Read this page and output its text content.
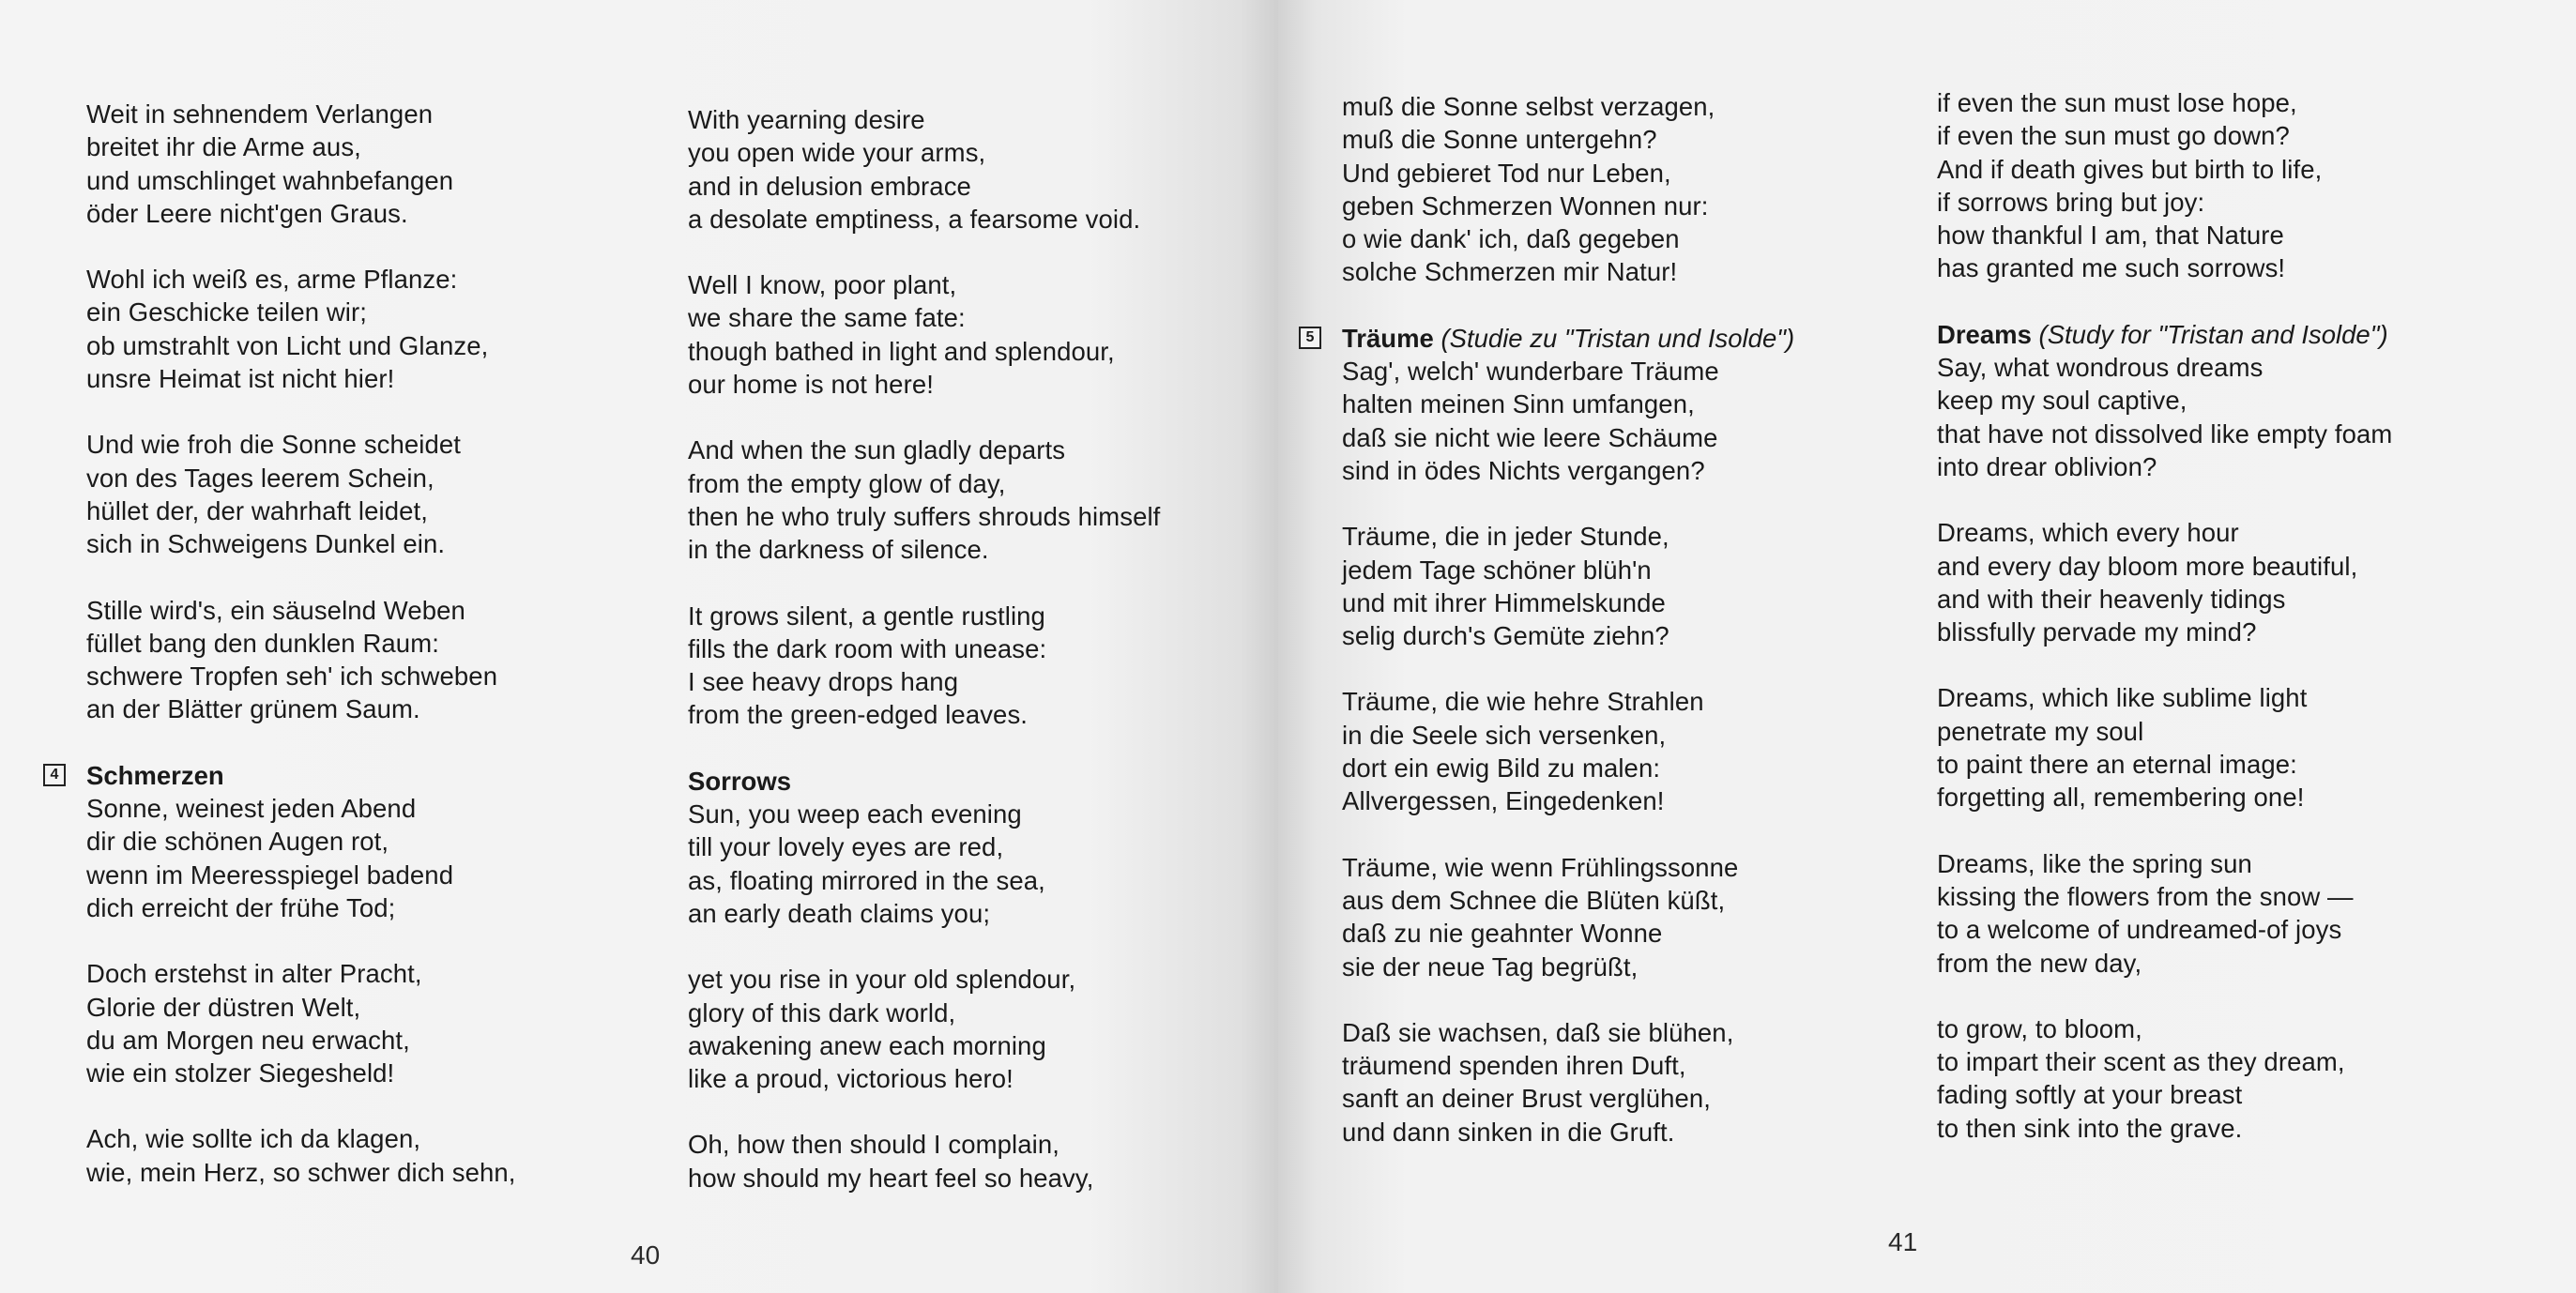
Weit in sehnendem Verlangen
breitet ihr die Arme aus,
und umschlinget wahnbefangen
öder Leere nicht'gen Graus.
Wohl ich weiß es, arme Pflanze:
ein Geschicke teilen wir;
ob umstrahlt von Licht und Glanze,
unsre Heimat ist nicht hier!
Und wie froh die Sonne scheidet
von des Tages leerem Schein,
hüllet der, der wahrhaft leidet,
sich in Schweigens Dunkel ein.
Stille wird's, ein säuselnd Weben
füllet bang den dunklen Raum:
schwere Tropfen seh' ich schweben
an der Blätter grünem Saum.
4 Schmerzen
Sonne, weinest jeden Abend
dir die schönen Augen rot,
wenn im Meeresspiegel badend
dich erreicht der frühe Tod;
Doch erstehst in alter Pracht,
Glorie der düstren Welt,
du am Morgen neu erwacht,
wie ein stolzer Siegesheld!
Ach, wie sollte ich da klagen,
wie, mein Herz, so schwer dich sehn,
With yearning desire
you open wide your arms,
and in delusion embrace
a desolate emptiness, a fearsome void.
Well I know, poor plant,
we share the same fate:
though bathed in light and splendour,
our home is not here!
And when the sun gladly departs
from the empty glow of day,
then he who truly suffers shrouds himself
in the darkness of silence.
It grows silent, a gentle rustling
fills the dark room with unease:
I see heavy drops hang
from the green-edged leaves.
Sorrows
Sun, you weep each evening
till your lovely eyes are red,
as, floating mirrored in the sea,
an early death claims you;
yet you rise in your old splendour,
glory of this dark world,
awakening anew each morning
like a proud, victorious hero!
Oh, how then should I complain,
how should my heart feel so heavy,
40
muß die Sonne selbst verzagen,
muß die Sonne untergehn?
Und gebieret Tod nur Leben,
geben Schmerzen Wonnen nur:
o wie dank' ich, daß gegeben
solche Schmerzen mir Natur!
5 Träume (Studie zu "Tristan und Isolde")
Sag', welch' wunderbare Träume
halten meinen Sinn umfangen,
daß sie nicht wie leere Schäume
sind in ödes Nichts vergangen?
Träume, die in jeder Stunde,
jedem Tage schöner blüh'n
und mit ihrer Himmelskunde
selig durch's Gemüte ziehn?
Träume, die wie hehre Strahlen
in die Seele sich versenken,
dort ein ewig Bild zu malen:
Allvergessen, Eingedenken!
Träume, wie wenn Frühlingssonne
aus dem Schnee die Blüten küßt,
daß zu nie geahnter Wonne
sie der neue Tag begrüßt,
Daß sie wachsen, daß sie blühen,
träumend spenden ihren Duft,
sanft an deiner Brust verglühen,
und dann sinken in die Gruft.
if even the sun must lose hope,
if even the sun must go down?
And if death gives but birth to life,
if sorrows bring but joy:
how thankful I am, that Nature
has granted me such sorrows!
Dreams (Study for "Tristan and Isolde")
Say, what wondrous dreams
keep my soul captive,
that have not dissolved like empty foam
into drear oblivion?
Dreams, which every hour
and every day bloom more beautiful,
and with their heavenly tidings
blissfully pervade my mind?
Dreams, which like sublime light
penetrate my soul
to paint there an eternal image:
forgetting all, remembering one!
Dreams, like the spring sun
kissing the flowers from the snow —
to a welcome of undreamed-of joys
from the new day,
to grow, to bloom,
to impart their scent as they dream,
fading softly at your breast
to then sink into the grave.
41
